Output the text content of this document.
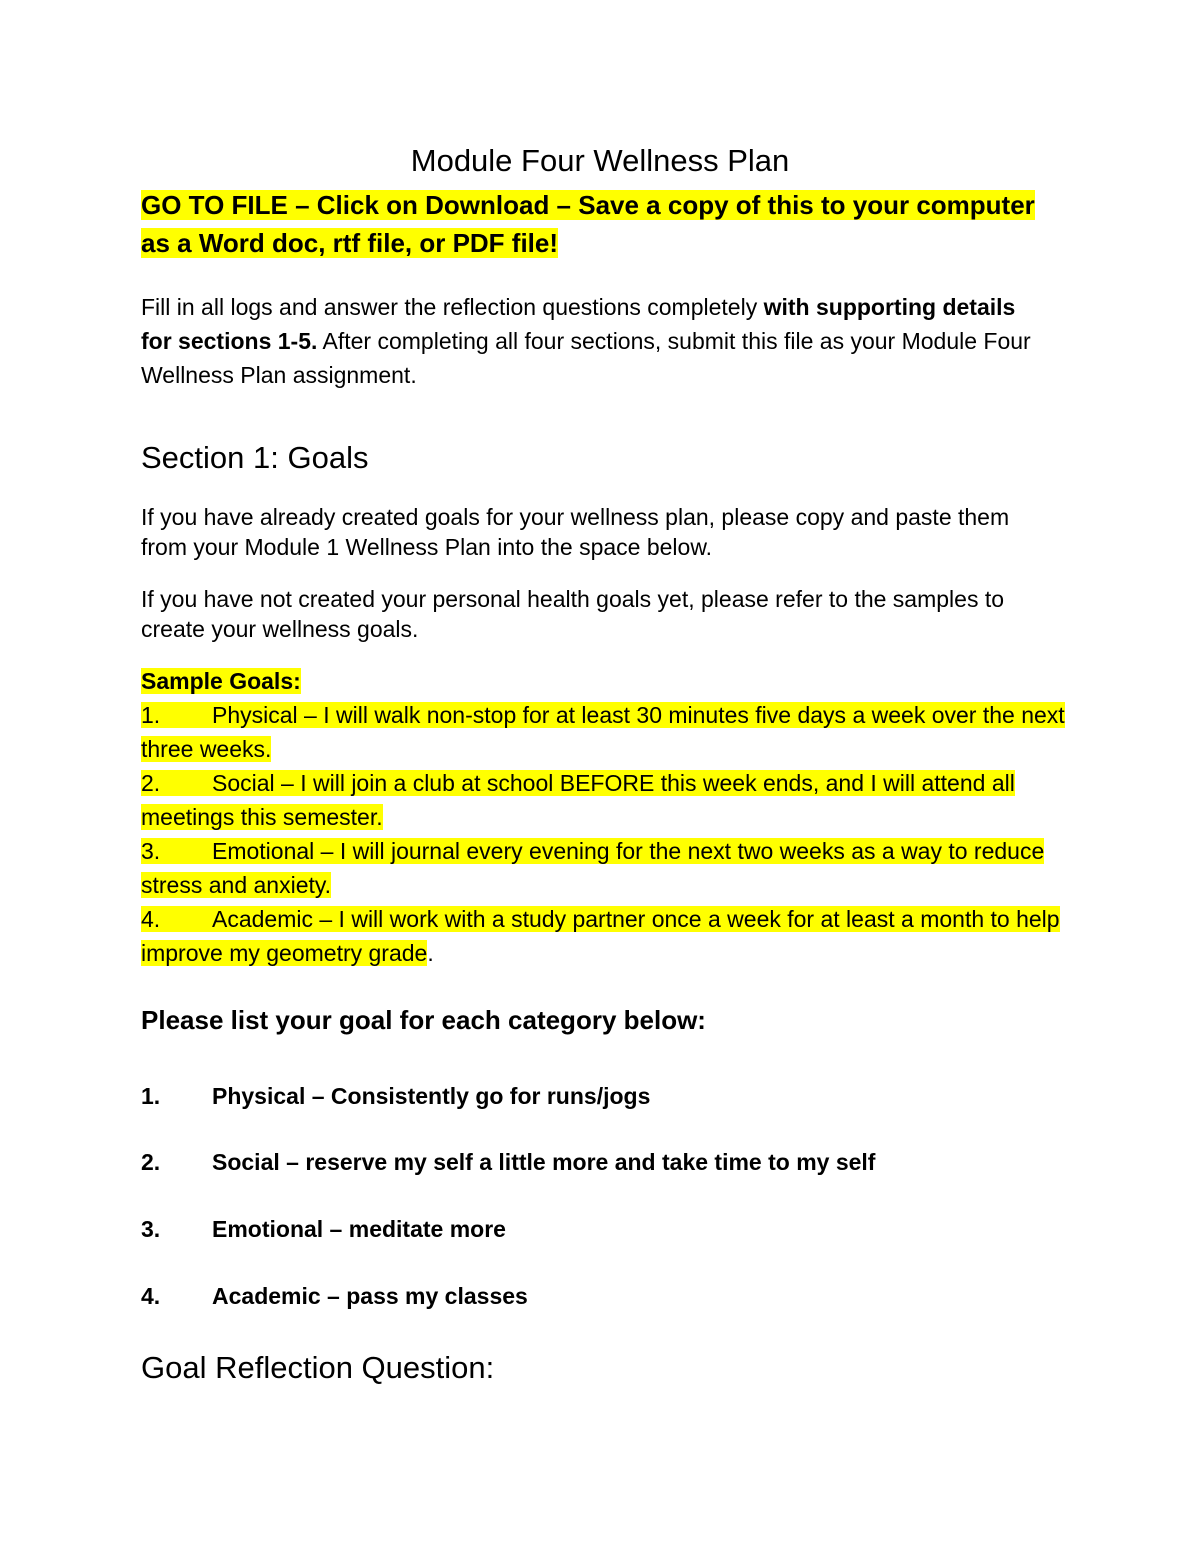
Module Four Wellness Plan

GO TO FILE – Click on Download – Save a copy of this to your computer as a Word doc, rtf file, or PDF file!

Fill in all logs and answer the reflection questions completely with supporting details for sections 1-5. After completing all four sections, submit this file as your Module Four Wellness Plan assignment.

Section 1: Goals

If you have already created goals for your wellness plan, please copy and paste them from your Module 1 Wellness Plan into the space below.

If you have not created your personal health goals yet, please refer to the samples to create your wellness goals.

Sample Goals:
1. Physical – I will walk non-stop for at least 30 minutes five days a week over the next three weeks.
2. Social – I will join a club at school BEFORE this week ends, and I will attend all meetings this semester.
3. Emotional – I will journal every evening for the next two weeks as a way to reduce stress and anxiety.
4. Academic – I will work with a study partner once a week for at least a month to help improve my geometry grade.

Please list your goal for each category below:

1. Physical – Consistently go for runs/jogs

2. Social – reserve my self a little more and take time to my self

3. Emotional – meditate more

4. Academic – pass my classes

Goal Reflection Question:
